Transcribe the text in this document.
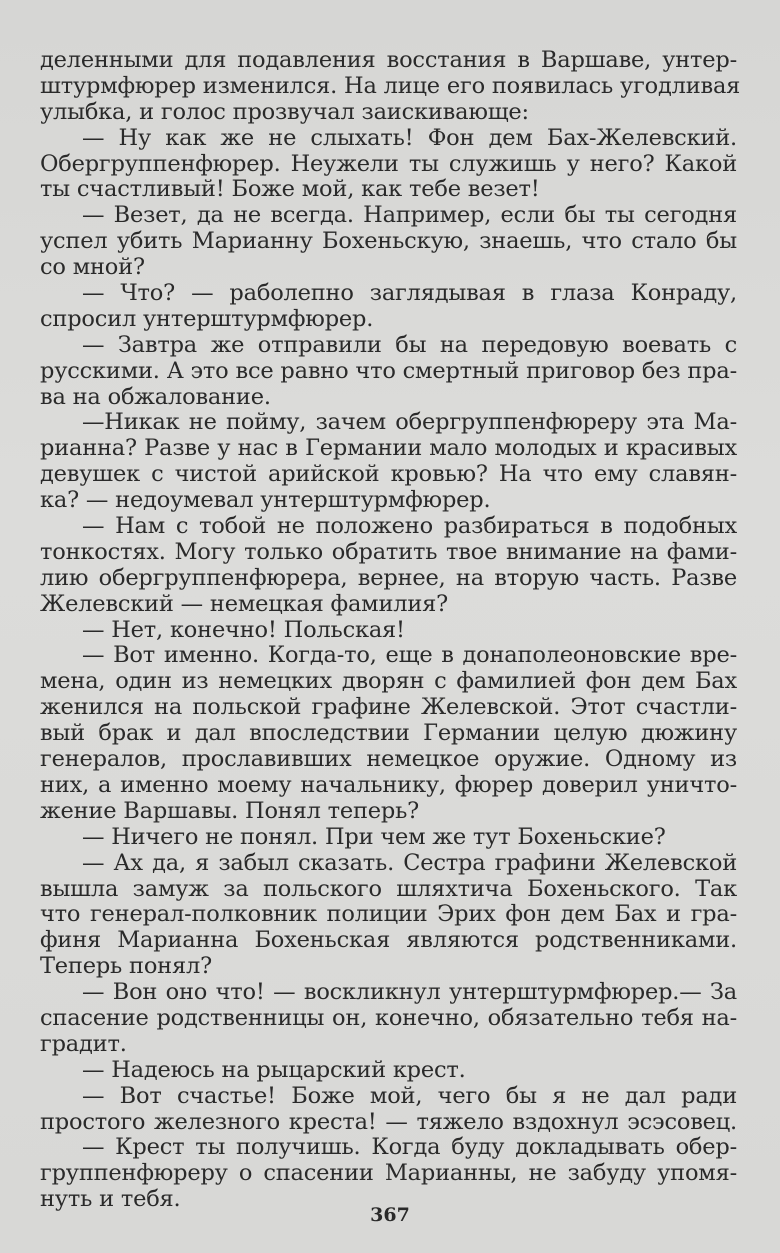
деленными для подавления восстания в Варшаве, унтер-
штурмфюрер изменился. На лице его появилась угодливая
улыбка, и голос прозвучал заискивающе:
— Ну как же не слыхать! Фон дем Бах-Желевский.
Обергруппенфюрер. Неужели ты служишь у него? Какой
ты счастливый! Боже мой, как тебе везет!
— Везет, да не всегда. Например, если бы ты сегодня
успел убить Марианну Бохеньскую, знаешь, что стало бы
со мной?
— Что? — раболепно заглядывая в глаза Конраду,
спросил унтерштурмфюрер.
— Завтра же отправили бы на передовую воевать с
русскими. А это все равно что смертный приговор без пра-
ва на обжалование.
—Никак не пойму, зачем обергруппенфюреру эта Ма-
рианна? Разве у нас в Германии мало молодых и красивых
девушек с чистой арийской кровью? На что ему славян-
ка? — недоумевал унтерштурмфюрер.
— Нам с тобой не положено разбираться в подобных
тонкостях. Могу только обратить твое внимание на фами-
лию обергруппенфюрера, вернее, на вторую часть. Разве
Желевский — немецкая фамилия?
— Нет, конечно! Польская!
— Вот именно. Когда-то, еще в донаполеоновские вре-
мена, один из немецких дворян с фамилией фон дем Бах
женился на польской графине Желевской. Этот счастли-
вый брак и дал впоследствии Германии целую дюжину
генералов, прославивших немецкое оружие. Одному из
них, а именно моему начальнику, фюрер доверил уничто-
жение Варшавы. Понял теперь?
— Ничего не понял. При чем же тут Бохеньские?
— Ах да, я забыл сказать. Сестра графини Желевской
вышла замуж за польского шляхтича Бохеньского. Так
что генерал-полковник полиции Эрих фон дем Бах и гра-
финя Марианна Бохеньская являются родственниками.
Теперь понял?
— Вон оно что! — воскликнул унтерштурмфюрер.— За
спасение родственницы он, конечно, обязательно тебя на-
градит.
— Надеюсь на рыцарский крест.
— Вот счастье! Боже мой, чего бы я не дал ради
простого железного креста! — тяжело вздохнул эсэсовец.
— Крест ты получишь. Когда буду докладывать обер-
группенфюреру о спасении Марианны, не забуду упомя-
нуть и тебя.
367
